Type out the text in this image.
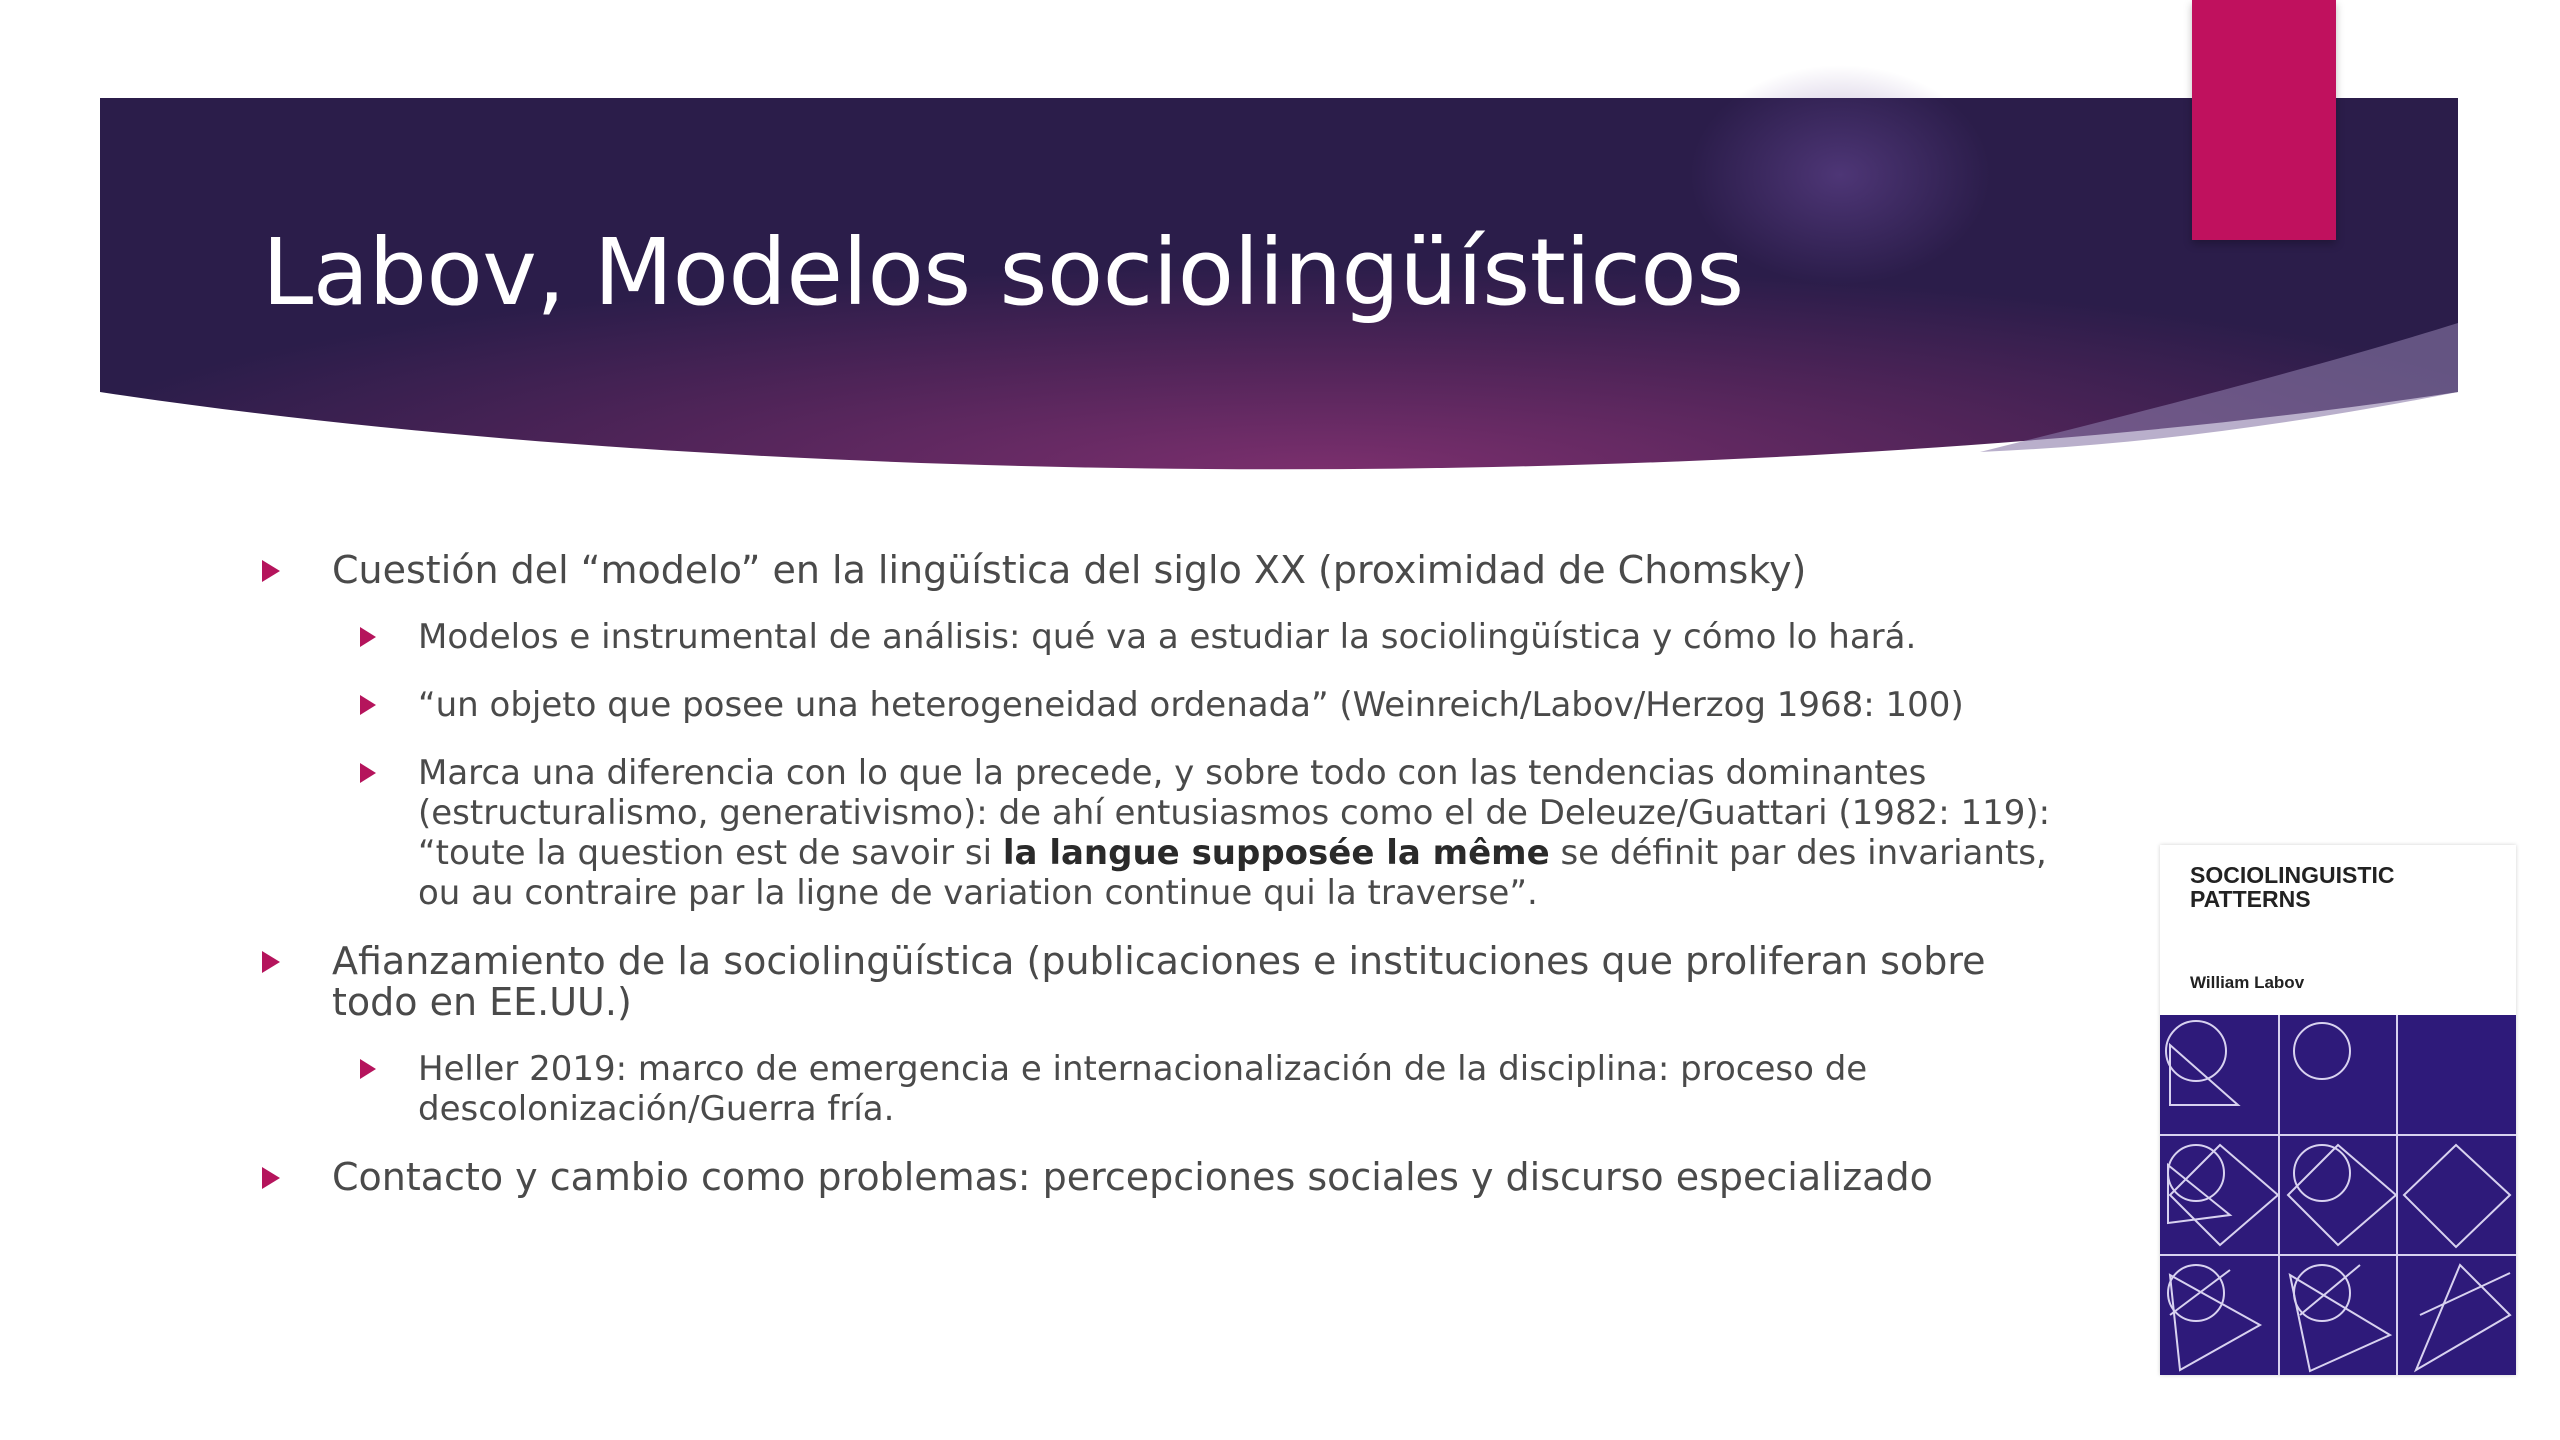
Labov, Modelos sociolingüísticos
Cuestión del “modelo” en la lingüística del siglo XX (proximidad de Chomsky)
Modelos e instrumental de análisis: qué va a estudiar la sociolingüística y cómo lo hará.
“un objeto que posee una heterogeneidad ordenada” (Weinreich/Labov/Herzog 1968: 100)
Marca una diferencia con lo que la precede, y sobre todo con las tendencias dominantes (estructuralismo, generativismo): de ahí entusiasmos como el de Deleuze/Guattari (1982: 119): “toute la question est de savoir si la langue supposée la même se définit par des invariants, ou au contraire par la ligne de variation continue qui la traverse”.
Afianzamiento de la sociolingüística (publicaciones e instituciones que proliferan sobre todo en EE.UU.)
Heller 2019: marco de emergencia e internacionalización de la disciplina: proceso de descolonización/Guerra fría.
Contacto y cambio como problemas: percepciones sociales y discurso especializado
SOCIOLINGUISTIC PATTERNS
William Labov
